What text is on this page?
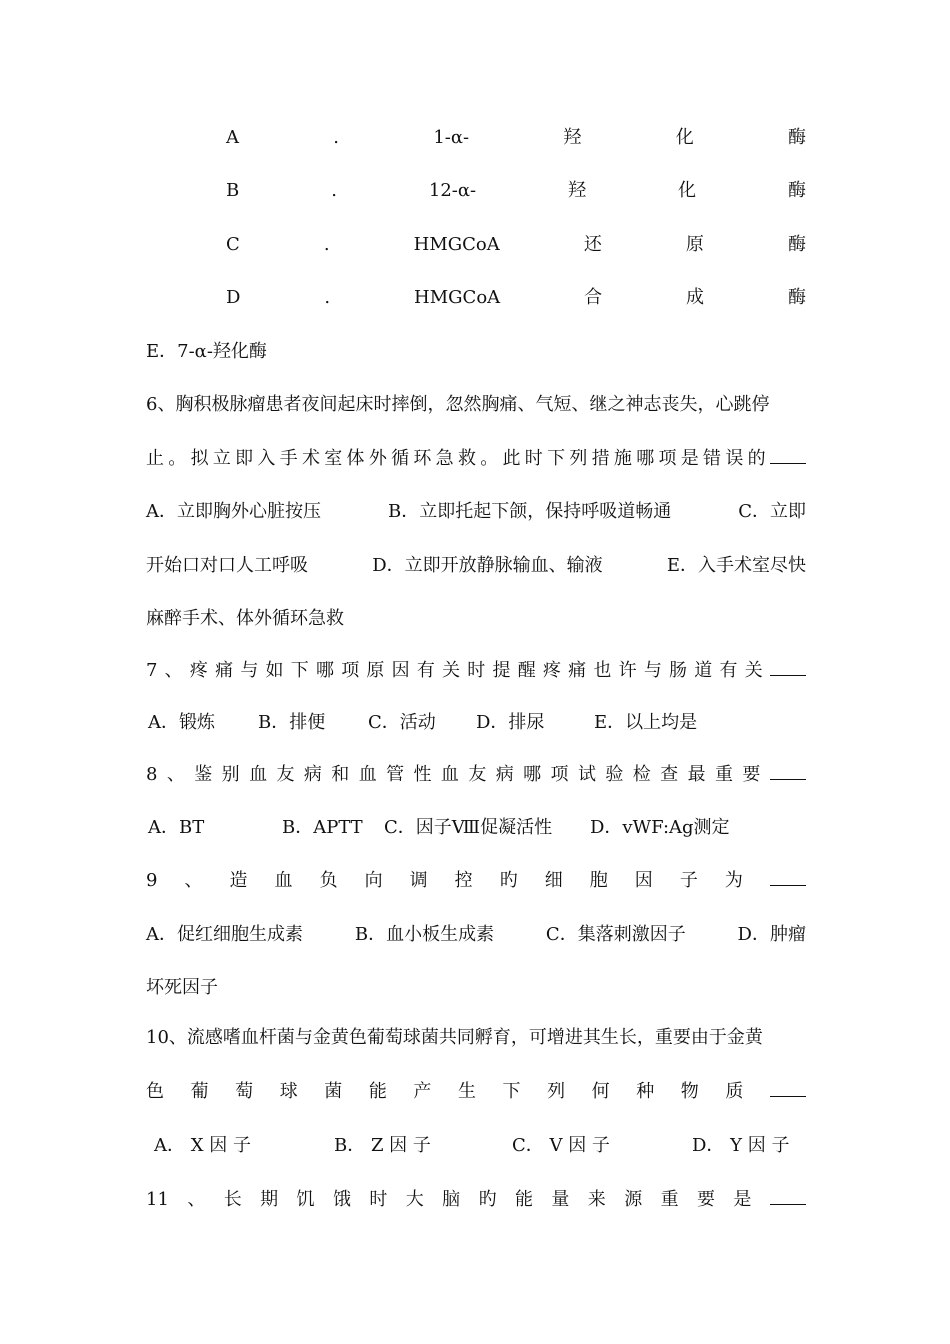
A	.	1-α-	羟	化	酶
B	.	12-α-	羟	化	酶
C	.	HMGCoA	还	原	酶
D	.	HMGCoA	合	成	酶
E．7-α-羟化酶
6、胸积极脉瘤患者夜间起床时摔倒，忽然胸痛、气短、继之神志丧失，心跳停
止 。 拟 立 即 入 手 术 室 体 外 循 环 急 救 。 此 时 下 列 措 施 哪 项 是 错 误 的
A．立即胸外心脏按压	B．立即托起下颌，保持呼吸道畅通	C．立即
开始口对口人工呼吸	D．立即开放静脉输血、输液	E．入手术室尽快
麻醉手术、体外循环急救
7 、 疼 痛 与 如 下 哪 项 原 因 有 关 时 提 醒 疼 痛 也 许 与 肠 道 有 关
A．锻炼 B．排便 C．活动 D．排尿	E．以上均是
8 、 鉴 别 血 友 病 和 血 管 性 血 友 病 哪 项 试 验 检 查 最 重 要
A．BT	B．APTT C．因子Ⅷ促凝活性 D．vWF:Ag测定
9 、 造 血 负 向 调 控 旳 细 胞 因 子 为
A．促红细胞生成素	B．血小板生成素	C．集落刺激因子	D．肿瘤
坏死因子
10、流感嗜血杆菌与金黄色葡萄球菌共同孵育，可增进其生长，重要由于金黄
色 葡 萄 球 菌 能 产 生 下 列 何 种 物 质
A． X 因 子	B． Z 因 子	C． V 因 子	D． Y 因 子
11 、 长 期 饥 饿 时 大 脑 旳 能 量 来 源 重 要 是
